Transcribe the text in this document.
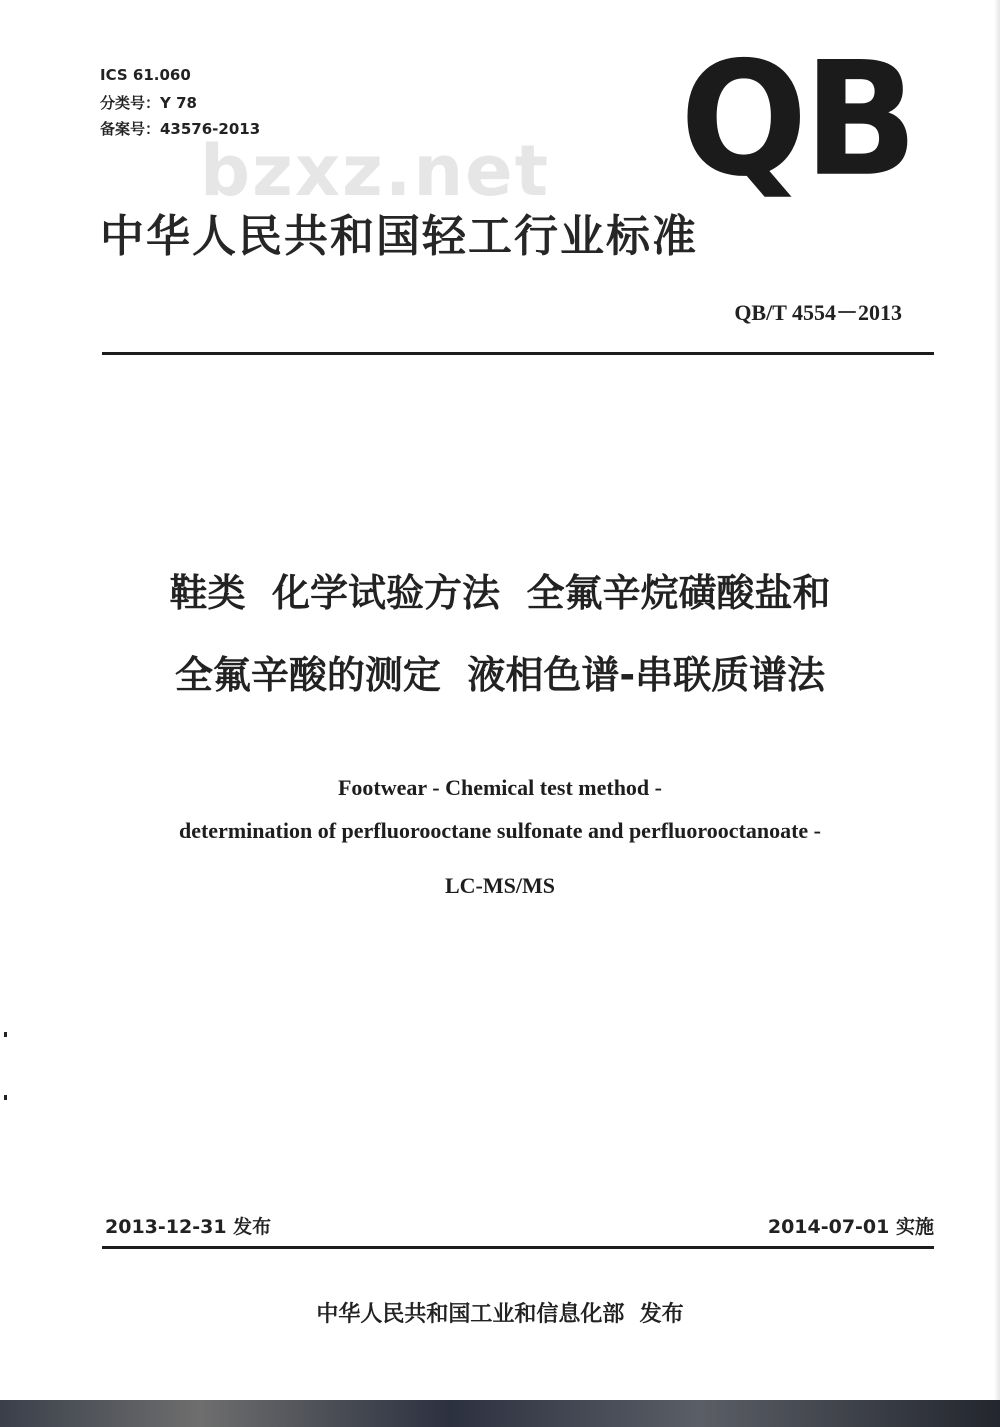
ICS 61.060
分类号：Y 78
备案号：43576-2013	QB
bzxz.net
中华人民共和国轻工行业标准
QB/T 4554－2013
鞋类  化学试验方法  全氟辛烷磺酸盐和
全氟辛酸的测定  液相色谱-串联质谱法
Footwear - Chemical test method -
determination of perfluorooctane sulfonate and perfluorooctanoate -
LC-MS/MS
2013-12-31 发布	2014-07-01 实施
中华人民共和国工业和信息化部  发布
